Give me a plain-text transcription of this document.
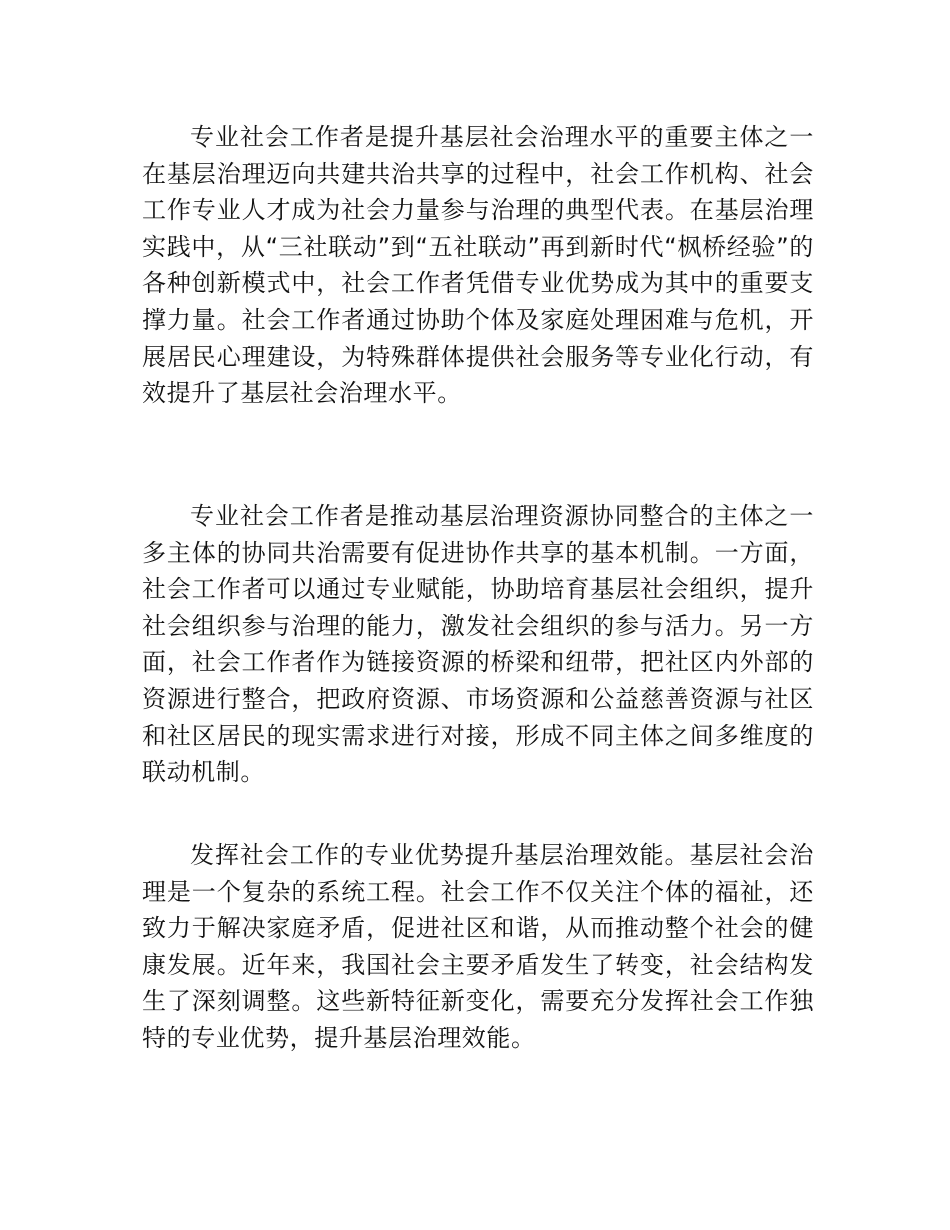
专业社会工作者是提升基层社会治理水平的重要主体之一在基层治理迈向共建共治共享的过程中，社会工作机构、社会工作专业人才成为社会力量参与治理的典型代表。在基层治理实践中，从“三社联动”到“五社联动”再到新时代“枫桥经验”的各种创新模式中，社会工作者凭借专业优势成为其中的重要支撑力量。社会工作者通过协助个体及家庭处理困难与危机，开展居民心理建设，为特殊群体提供社会服务等专业化行动，有效提升了基层社会治理水平。

专业社会工作者是推动基层治理资源协同整合的主体之一多主体的协同共治需要有促进协作共享的基本机制。一方面，社会工作者可以通过专业赋能，协助培育基层社会组织，提升社会组织参与治理的能力，激发社会组织的参与活力。另一方面，社会工作者作为链接资源的桥梁和纽带，把社区内外部的资源进行整合，把政府资源、市场资源和公益慈善资源与社区和社区居民的现实需求进行对接，形成不同主体之间多维度的联动机制。

发挥社会工作的专业优势提升基层治理效能。基层社会治理是一个复杂的系统工程。社会工作不仅关注个体的福祉，还致力于解决家庭矛盾，促进社区和谐，从而推动整个社会的健康发展。近年来，我国社会主要矛盾发生了转变，社会结构发生了深刻调整。这些新特征新变化，需要充分发挥社会工作独特的专业优势，提升基层治理效能。
